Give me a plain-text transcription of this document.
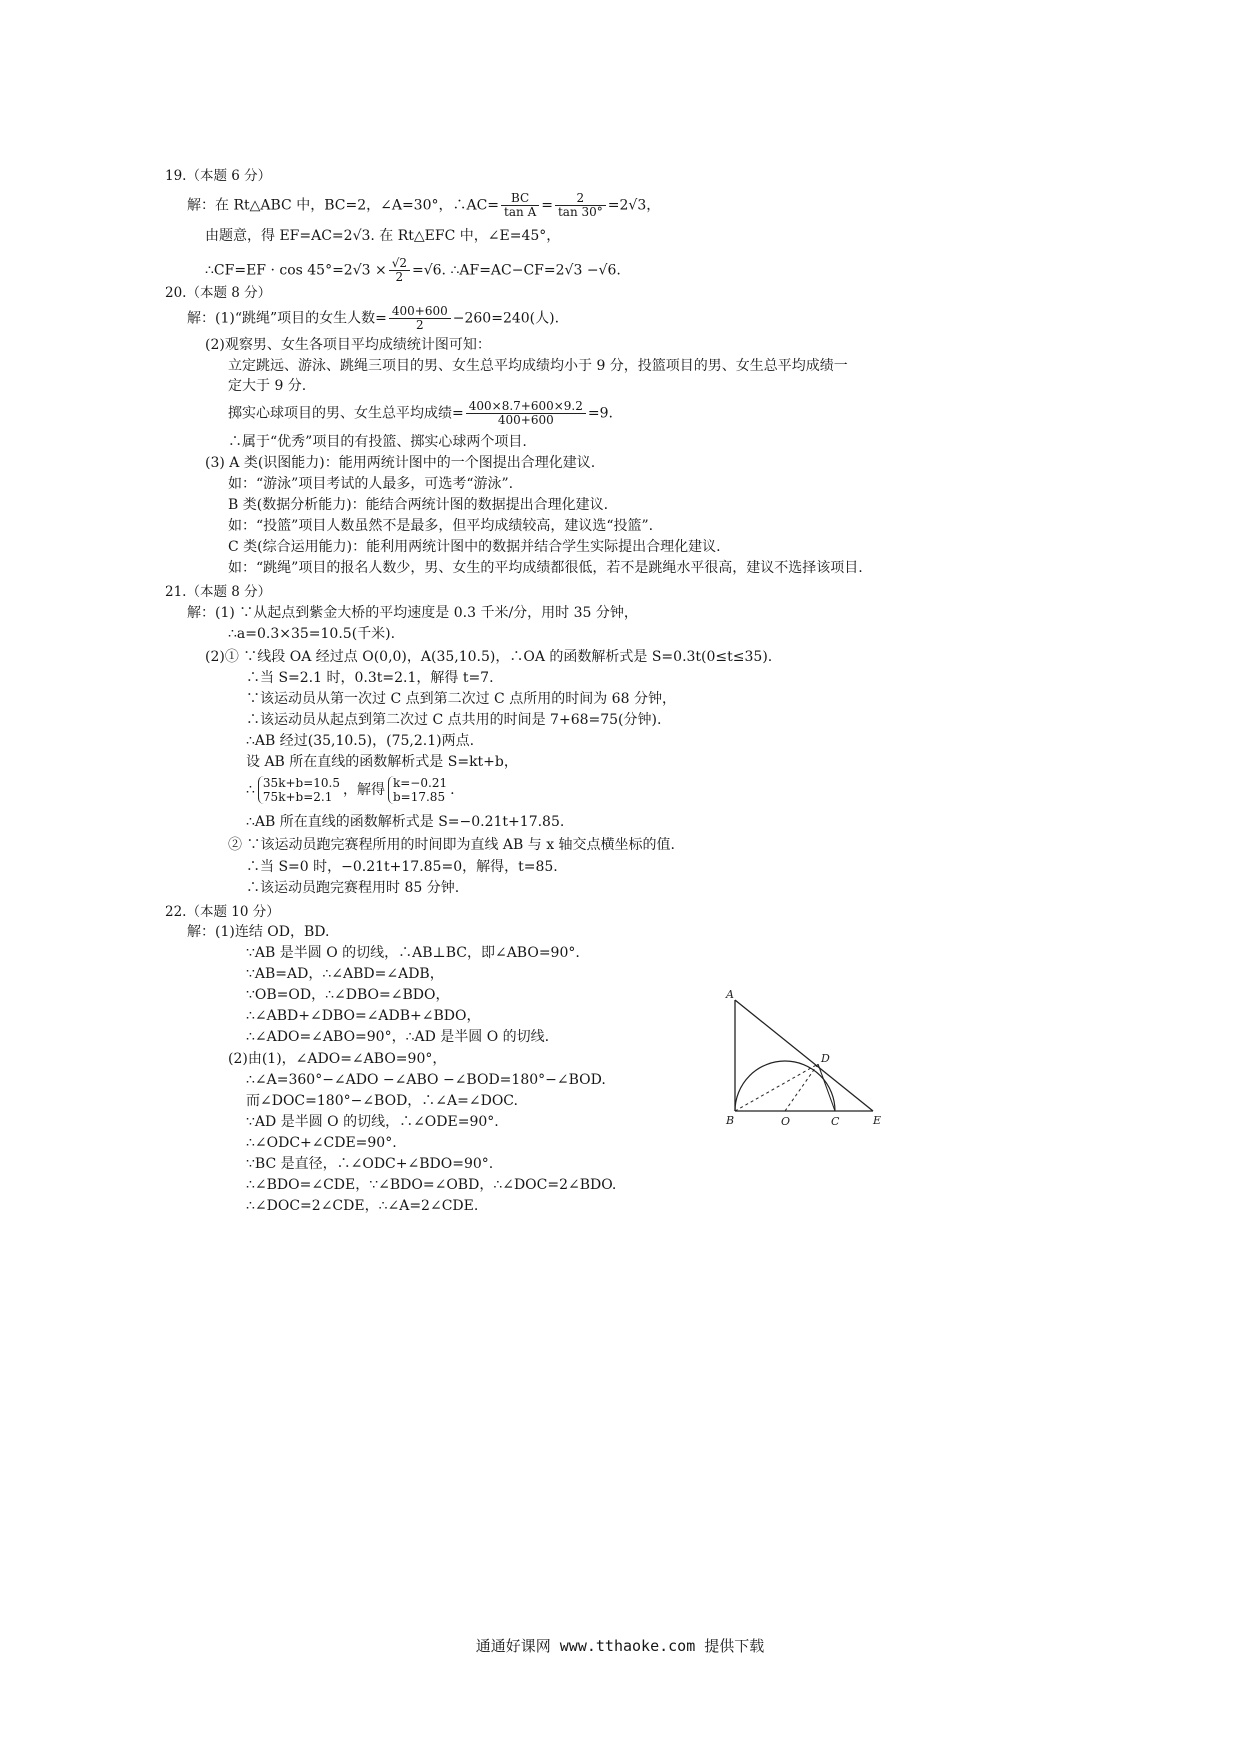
19.（本题 6 分）
解：在 Rt△ABC 中，BC=2，∠A=30°，∴AC= $\frac{BC}{\text{tan A}} = \frac{2}{\tan 30^\circ} =2√3$，
由题意，得 EF=AC=2√3. 在 Rt△EFC 中，∠E=45°，
∴CF=EF · $\cos 45^\circ=2√3 \times \frac{√2}{2} =√6$. ∴AF=AC−CF=2√3 −√6.
20.（本题 8 分）
解：(1)“跳绳”项目的女生人数= $\frac{400+600}{2} -260=240$(人).
(2)观察男、女生各项目平均成绩统计图可知：
立定跳远、游泳、跳绳三项目的男、女生总平均成绩均小于 9 分，投篮项目的男、女生总平均成绩一
定大于 9 分.
掷实心球项目的男、女生总平均成绩= $\frac{400\times 8.7+600\times 9.2}{400+600} =9$.
∴属于“优秀”项目的有投篮、掷实心球两个项目.
(3) A 类(识图能力)：能用两统计图中的一个图提出合理化建议.
如：“游泳”项目考试的人最多，可选考“游泳”.
B 类(数据分析能力)：能结合两统计图的数据提出合理化建议.
如：“投篮”项目人数虽然不是最多，但平均成绩较高，建议选“投篮”.
C 类(综合运用能力)：能利用两统计图中的数据并结合学生实际提出合理化建议.
如：“跳绳”项目的报名人数少，男、女生的平均成绩都很低，若不是跳绳水平很高，建议不选择该项目.
21.（本题 8 分）
解：(1) ∵从起点到紫金大桥的平均速度是 0.3 千米/分，用时 35 分钟，
∴a=0.3×35=10.5(千米).
(2)① ∵线段 OA 经过点 O(0,0)，A(35,10.5)，∴OA 的函数解析式是 S=0.3t(0≤t≤35).
∴当 S=2.1 时，0.3t=2.1，解得 t=7.
∵该运动员从第一次过 C 点到第二次过 C 点所用的时间为 68 分钟，
∴该运动员从起点到第二次过 C 点共用的时间是 7+68=75(分钟).
∴AB 经过(35,10.5)，(75,2.1)两点.
设 AB 所在直线的函数解析式是 S=kt+b，
∴ 35k+b=10.5
75k+b=2.1 ，解得 k=−0.21
b=17.85 .
∴AB 所在直线的函数解析式是 S=−0.21t+17.85.
② ∵该运动员跑完赛程所用的时间即为直线 AB 与 x 轴交点横坐标的值.
∴当 S=0 时，−0.21t+17.85=0，解得，t=85.
∴该运动员跑完赛程用时 85 分钟.
22.（本题 10 分）
解：(1)连结 OD，BD.
∵AB 是半圆 O 的切线，∴AB⊥BC，即∠ABO=90°.
∵AB=AD，∴∠ABD=∠ADB，
∵OB=OD，∴∠DBO=∠BDO，
∴∠ABD+∠DBO=∠ADB+∠BDO，
∴∠ADO=∠ABO=90°，∴AD 是半圆 O 的切线.
(2)由(1)，∠ADO=∠ABO=90°，
∴∠A=360°−∠ADO −∠ABO −∠BOD=180°−∠BOD.
而∠DOC=180°−∠BOD，∴∠A=∠DOC.
∵AD 是半圆 O 的切线，∴∠ODE=90°.
∴∠ODC+∠CDE=90°.
∵BC 是直径，∴∠ODC+∠BDO=90°.
∴∠BDO=∠CDE，∵∠BDO=∠OBD，∴∠DOC=2∠BDO.
∴∠DOC=2∠CDE，∴∠A=2∠CDE.
A
B	O	C
D
E
通通好课网 www.tthaoke.com 提供下载
